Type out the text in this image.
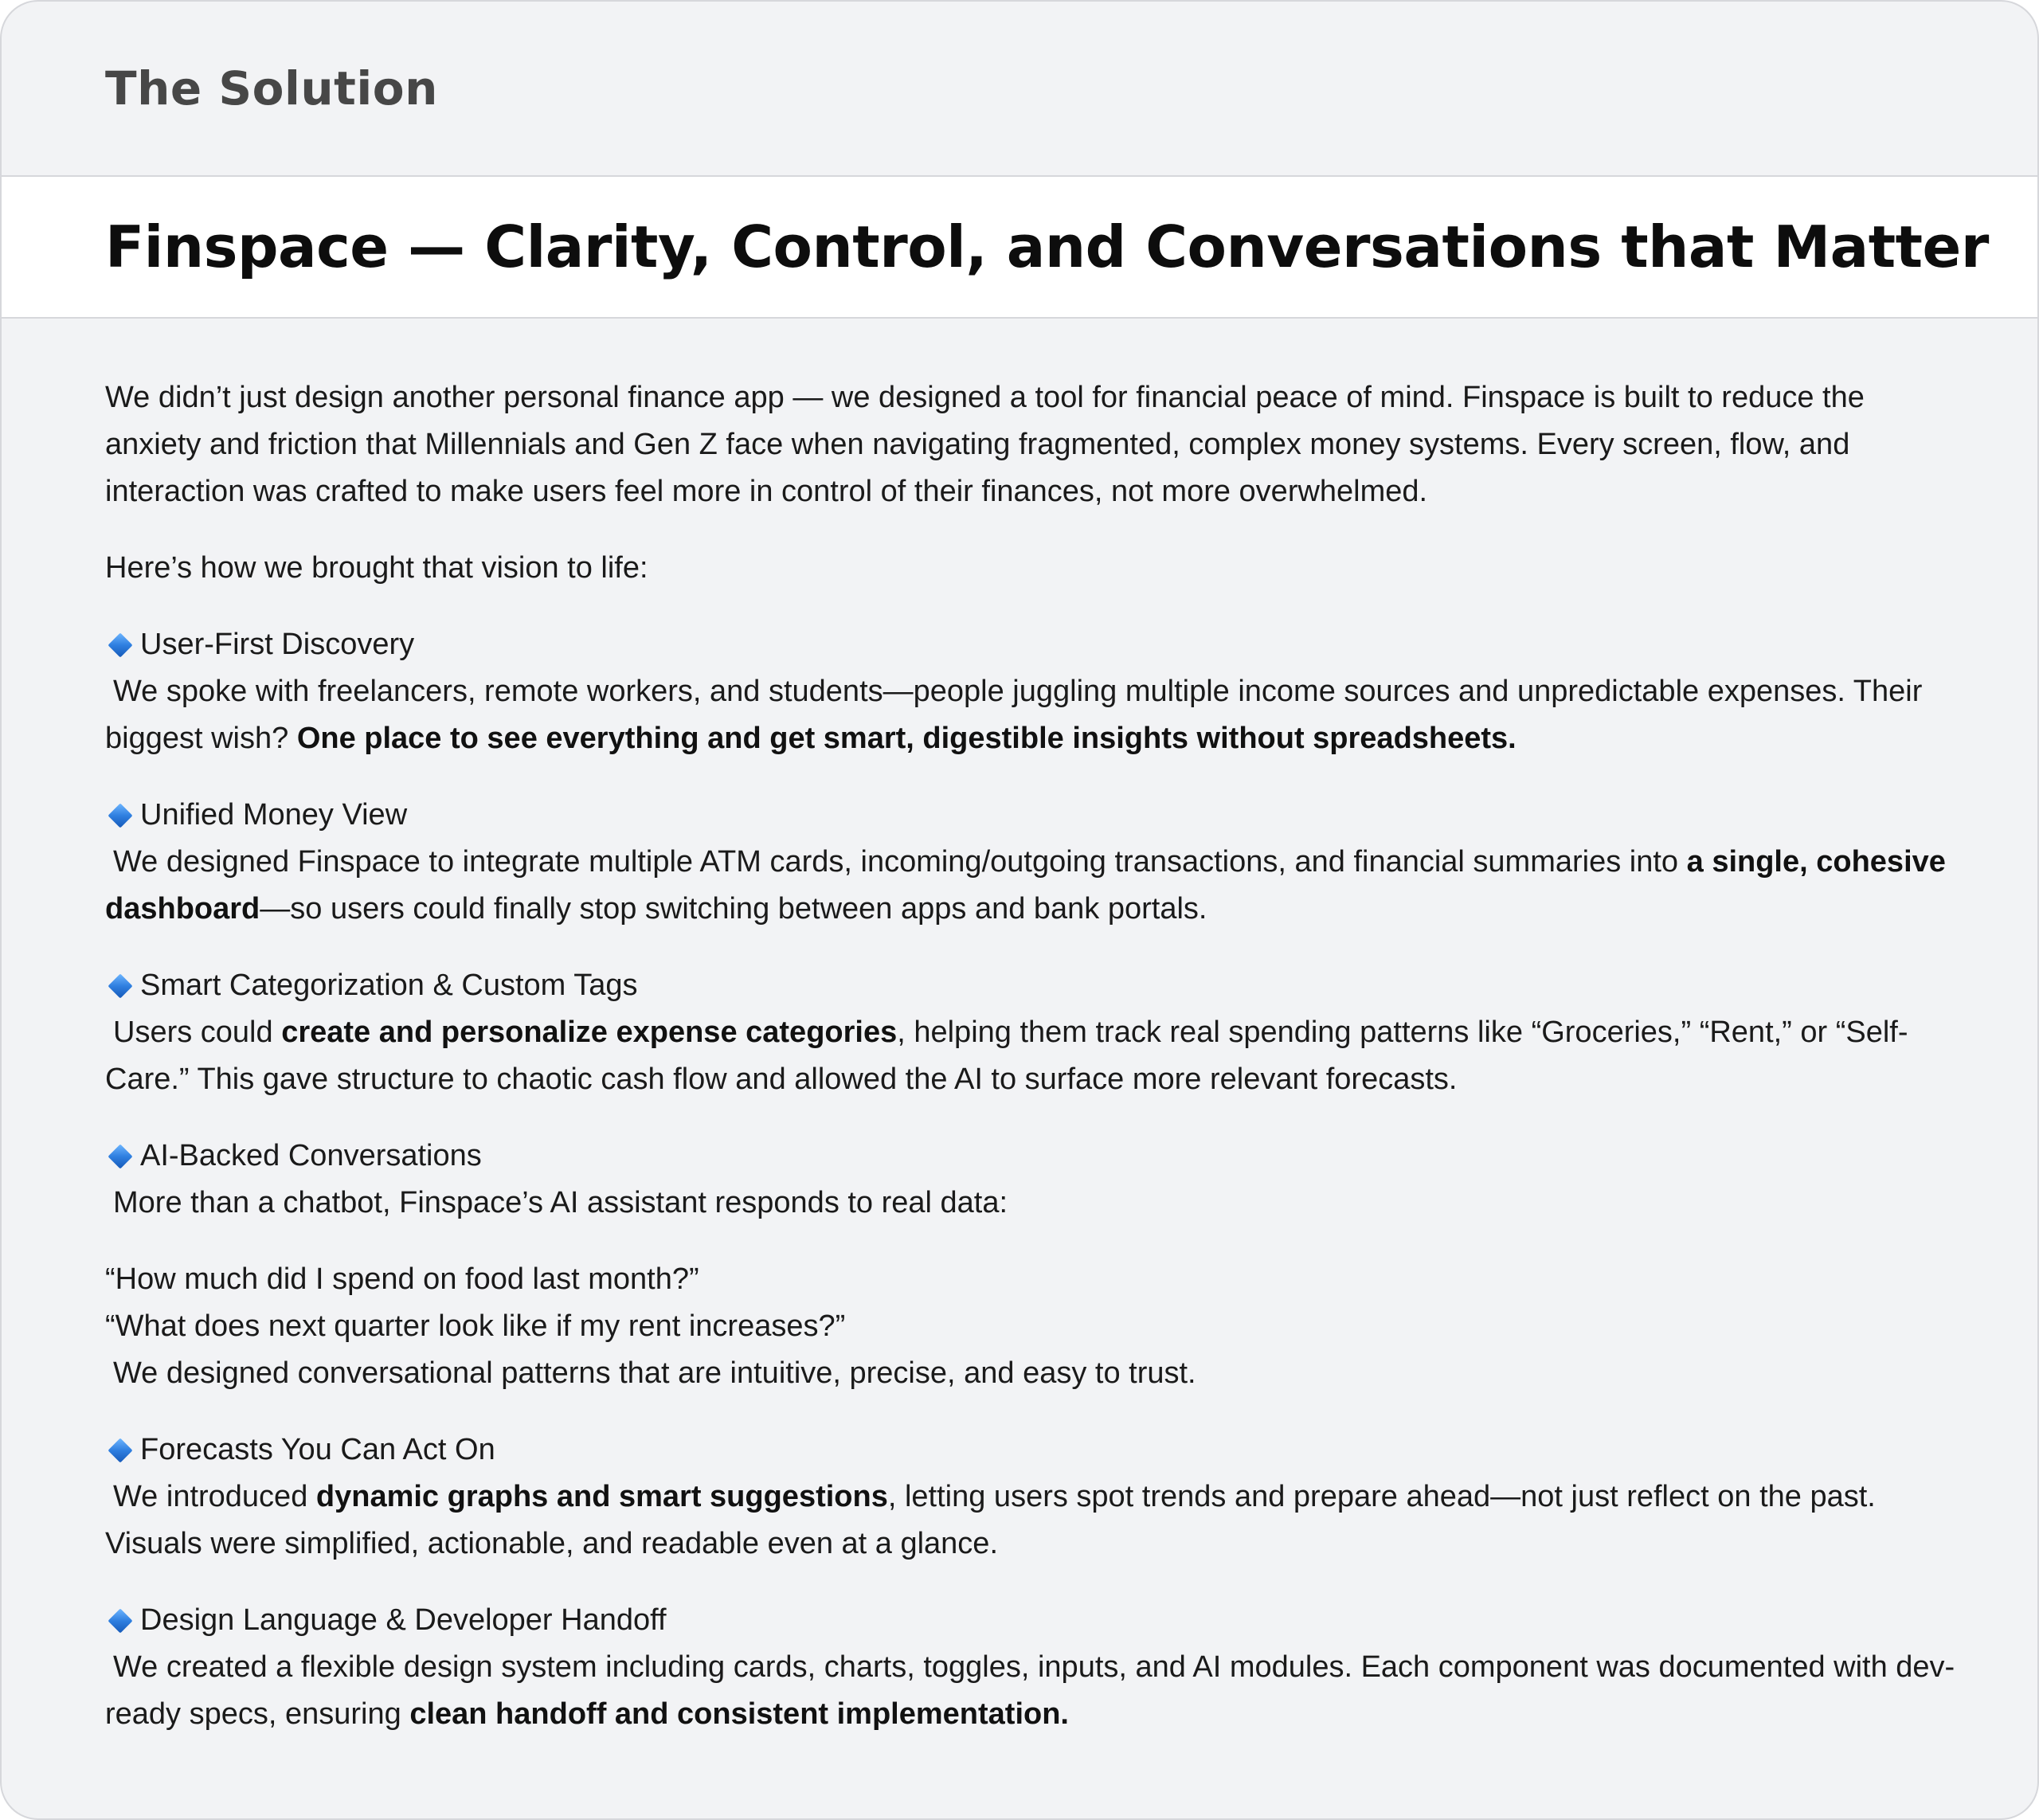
The Solution
Finspace — Clarity, Control, and Conversations that Matter

We didn’t just design another personal finance app — we designed a tool for financial peace of mind. Finspace is built to reduce the anxiety and friction that Millennials and Gen Z face when navigating fragmented, complex money systems. Every screen, flow, and interaction was crafted to make users feel more in control of their finances, not more overwhelmed.

Here’s how we brought that vision to life:

User-First Discovery
We spoke with freelancers, remote workers, and students—people juggling multiple income sources and unpredictable expenses. Their biggest wish? One place to see everything and get smart, digestible insights without spreadsheets.

Unified Money View
We designed Finspace to integrate multiple ATM cards, incoming/outgoing transactions, and financial summaries into a single, cohesive dashboard—so users could finally stop switching between apps and bank portals.

Smart Categorization & Custom Tags
Users could create and personalize expense categories, helping them track real spending patterns like “Groceries,” “Rent,” or “Self-Care.” This gave structure to chaotic cash flow and allowed the AI to surface more relevant forecasts.

AI-Backed Conversations
More than a chatbot, Finspace’s AI assistant responds to real data:

“How much did I spend on food last month?”
“What does next quarter look like if my rent increases?”
We designed conversational patterns that are intuitive, precise, and easy to trust.

Forecasts You Can Act On
We introduced dynamic graphs and smart suggestions, letting users spot trends and prepare ahead—not just reflect on the past. Visuals were simplified, actionable, and readable even at a glance.

Design Language & Developer Handoff
We created a flexible design system including cards, charts, toggles, inputs, and AI modules. Each component was documented with dev-ready specs, ensuring clean handoff and consistent implementation.
